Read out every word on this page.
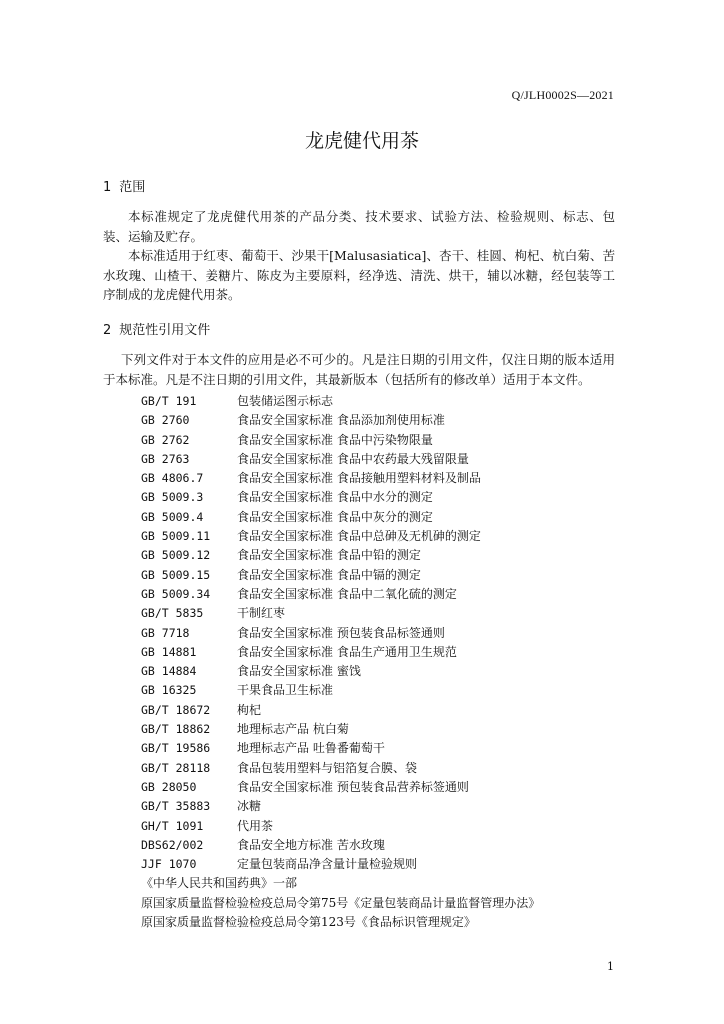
Q/JLH0002S—2021
龙虎健代用茶
1 范围

本标准规定了龙虎健代用茶的产品分类、技术要求、试验方法、检验规则、标志、包装、运输及贮存。

本标准适用于红枣、葡萄干、沙果干[Malusasiatica]、杏干、桂圆、枸杞、杭白菊、苦水玫瑰、山楂干、姜糖片、陈皮为主要原料，经净选、清洗、烘干，辅以冰糖，经包装等工序制成的龙虎健代用茶。

2 规范性引用文件

下列文件对于本文件的应用是必不可少的。凡是注日期的引用文件，仅注日期的版本适用于本标准。凡是不注日期的引用文件，其最新版本（包括所有的修改单）适用于本文件。

GB/T 191	包装储运图示标志
GB 2760	食品安全国家标准 食品添加剂使用标准
GB 2762	食品安全国家标准 食品中污染物限量
GB 2763	食品安全国家标准 食品中农药最大残留限量
GB 4806.7	食品安全国家标准 食品接触用塑料材料及制品
GB 5009.3	食品安全国家标准 食品中水分的测定
GB 5009.4	食品安全国家标准 食品中灰分的测定
GB 5009.11 食品安全国家标准 食品中总砷及无机砷的测定
GB 5009.12 食品安全国家标准 食品中铅的测定
GB 5009.15 食品安全国家标准 食品中镉的测定
GB 5009.34 食品安全国家标准 食品中二氧化硫的测定
GB/T 5835	干制红枣
GB 7718	食品安全国家标准 预包装食品标签通则
GB 14881	食品安全国家标准 食品生产通用卫生规范
GB 14884	食品安全国家标准 蜜饯
GB 16325	干果食品卫生标准
GB/T 18672 枸杞
GB/T 18862 地理标志产品 杭白菊
GB/T 19586 地理标志产品 吐鲁番葡萄干
GB/T 28118 食品包装用塑料与铝箔复合膜、袋
GB 28050	食品安全国家标准 预包装食品营养标签通则
GB/T 35883 冰糖
GH/T 1091	代用茶
DBS62/002	食品安全地方标准 苦水玫瑰
JJF 1070	定量包装商品净含量计量检验规则
《中华人民共和国药典》一部
原国家质量监督检验检疫总局令第75号《定量包装商品计量监督管理办法》
原国家质量监督检验检疫总局令第123号《食品标识管理规定》
1
